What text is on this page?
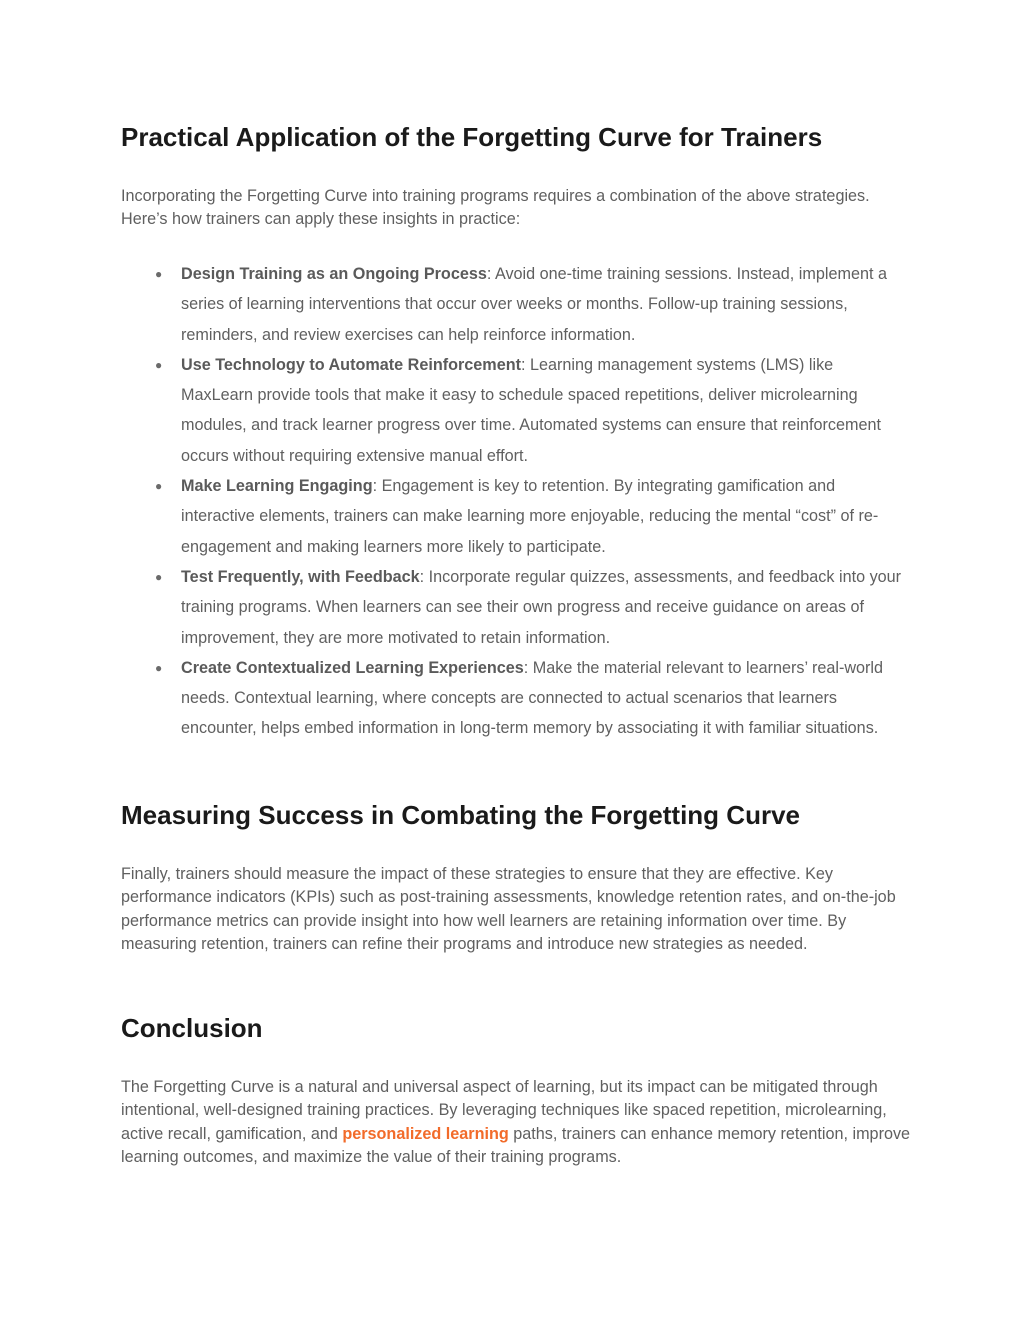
Practical Application of the Forgetting Curve for Trainers

Incorporating the Forgetting Curve into training programs requires a combination of the above strategies. Here’s how trainers can apply these insights in practice:

● Design Training as an Ongoing Process: Avoid one-time training sessions. Instead, implement a series of learning interventions that occur over weeks or months. Follow-up training sessions, reminders, and review exercises can help reinforce information.
● Use Technology to Automate Reinforcement: Learning management systems (LMS) like MaxLearn provide tools that make it easy to schedule spaced repetitions, deliver microlearning modules, and track learner progress over time. Automated systems can ensure that reinforcement occurs without requiring extensive manual effort.
● Make Learning Engaging: Engagement is key to retention. By integrating gamification and interactive elements, trainers can make learning more enjoyable, reducing the mental “cost” of re-engagement and making learners more likely to participate.
● Test Frequently, with Feedback: Incorporate regular quizzes, assessments, and feedback into your training programs. When learners can see their own progress and receive guidance on areas of improvement, they are more motivated to retain information.
● Create Contextualized Learning Experiences: Make the material relevant to learners’ real-world needs. Contextual learning, where concepts are connected to actual scenarios that learners encounter, helps embed information in long-term memory by associating it with familiar situations.
Measuring Success in Combating the Forgetting Curve

Finally, trainers should measure the impact of these strategies to ensure that they are effective. Key performance indicators (KPIs) such as post-training assessments, knowledge retention rates, and on-the-job performance metrics can provide insight into how well learners are retaining information over time. By measuring retention, trainers can refine their programs and introduce new strategies as needed.

Conclusion

The Forgetting Curve is a natural and universal aspect of learning, but its impact can be mitigated through intentional, well-designed training practices. By leveraging techniques like spaced repetition, microlearning, active recall, gamification, and personalized learning paths, trainers can enhance memory retention, improve learning outcomes, and maximize the value of their training programs.
